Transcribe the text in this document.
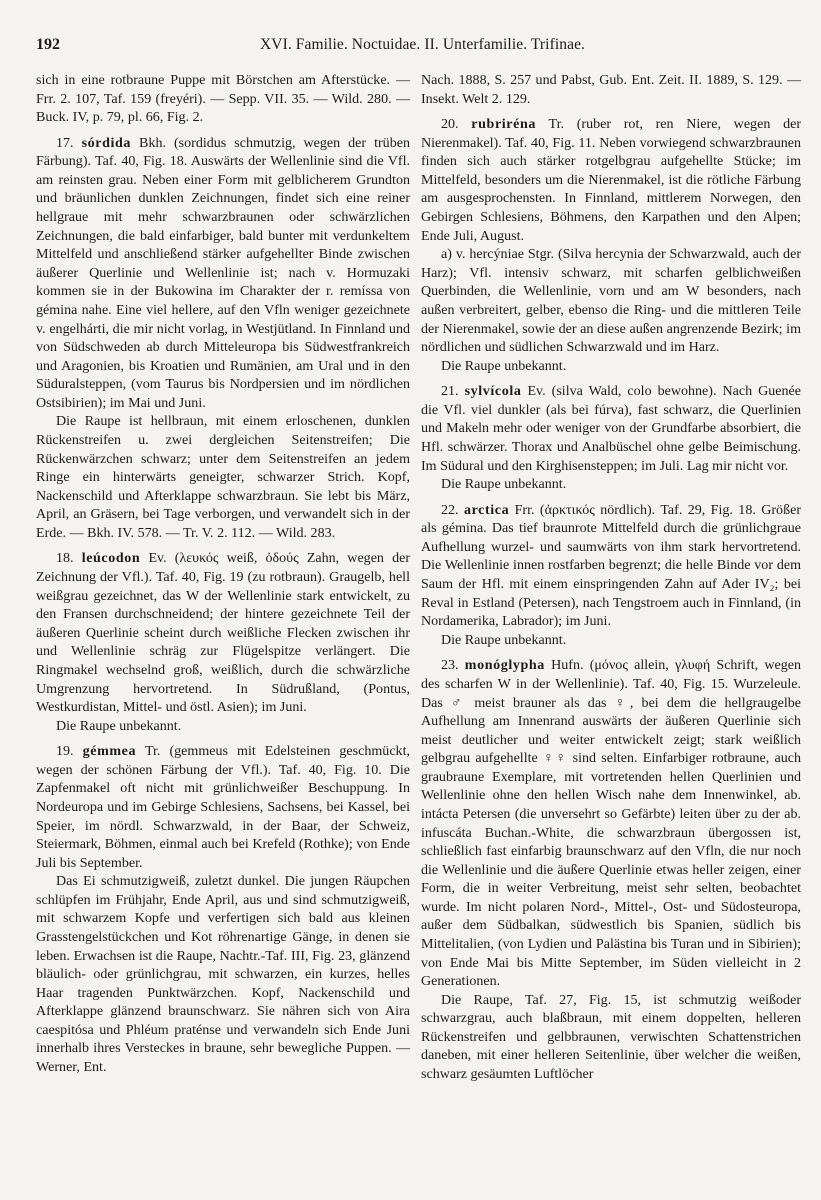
192	XVI. Familie. Noctuidae. II. Unterfamilie. Trifinae.

sich in eine rotbraune Puppe mit Börstchen am Afterstücke. — Frr. 2. 107, Taf. 159 (freyéri). — Sepp. VII. 35. — Wild. 280. — Buck. IV, p. 79, pl. 66, Fig. 2.

17. sórdida Bkh. (sordidus schmutzig, wegen der trüben Färbung). Taf. 40, Fig. 18. Auswärts der Wellenlinie sind die Vfl. am reinsten grau. Neben einer Form mit gelblicherem Grundton und bräunlichen dunklen Zeichnungen, findet sich eine reiner hellgraue mit mehr schwarzbraunen oder schwärzlichen Zeichnungen, die bald einfarbiger, bald bunter mit verdunkeltem Mittelfeld und anschließend stärker aufgehellter Binde zwischen äußerer Querlinie und Wellenlinie ist; nach v. Hormuzaki kommen sie in der Bukowina im Charakter der r. remíssa von gémina nahe. Eine viel hellere, auf den Vfln weniger gezeichnete v. engelhárti, die mir nicht vorlag, in Westjütland. In Finnland und von Südschweden ab durch Mitteleuropa bis Südwestfrankreich und Aragonien, bis Kroatien und Rumänien, am Ural und in den Süduralsteppen, (vom Taurus bis Nordpersien und im nördlichen Ostsibirien); im Mai und Juni.

Die Raupe ist hellbraun, mit einem erloschenen, dunklen Rückenstreifen u. zwei dergleichen Seitenstreifen; Die Rückenwärzchen schwarz; unter dem Seitenstreifen an jedem Ringe ein hinterwärts geneigter, schwarzer Strich. Kopf, Nackenschild und Afterklappe schwarzbraun. Sie lebt bis März, April, an Gräsern, bei Tage verborgen, und verwandelt sich in der Erde. — Bkh. IV. 578. — Tr. V. 2. 112. — Wild. 283.

18. leúcodon Ev. (λευκός weiß, ὀδούς Zahn, wegen der Zeichnung der Vfl.). Taf. 40, Fig. 19 (zu rotbraun). Graugelb, hell weißgrau gezeichnet, das W der Wellenlinie stark entwickelt, zu den Fransen durchschneidend; der hintere gezeichnete Teil der äußeren Querlinie scheint durch weißliche Flecken zwischen ihr und Wellenlinie schräg zur Flügelspitze verlängert. Die Ringmakel wechselnd groß, weißlich, durch die schwärzliche Umgrenzung hervortretend. In Südrußland, (Pontus, Westkurdistan, Mittel- und östl. Asien); im Juni.

Die Raupe unbekannt.

19. gémmea Tr. (gemmeus mit Edelsteinen geschmückt, wegen der schönen Färbung der Vfl.). Taf. 40, Fig. 10. Die Zapfenmakel oft nicht mit grünlichweißer Beschuppung. In Nordeuropa und im Gebirge Schlesiens, Sachsens, bei Kassel, bei Speier, im nördl. Schwarzwald, in der Baar, der Schweiz, Steiermark, Böhmen, einmal auch bei Krefeld (Rothke); von Ende Juli bis September.

Das Ei schmutzigweiß, zuletzt dunkel. Die jungen Räupchen schlüpfen im Frühjahr, Ende April, aus und sind schmutzigweiß, mit schwarzem Kopfe und verfertigen sich bald aus kleinen Grasstengelstückchen und Kot röhrenartige Gänge, in denen sie leben. Erwachsen ist die Raupe, Nachtr.-Taf. III, Fig. 23, glänzend bläulich- oder grünlichgrau, mit schwarzen, ein kurzes, helles Haar tragenden Punktwärzchen. Kopf, Nackenschild und Afterklappe glänzend braunschwarz. Sie nähren sich von Aira caespitósa und Phléum praténse und verwandeln sich Ende Juni innerhalb ihres Versteckes in braune, sehr bewegliche Puppen. — Werner, Ent.

Nach. 1888, S. 257 und Pabst, Gub. Ent. Zeit. II. 1889, S. 129. — Insekt. Welt 2. 129.

20. rubriréna Tr. (ruber rot, ren Niere, wegen der Nierenmakel). Taf. 40, Fig. 11. Neben vorwiegend schwarzbraunen finden sich auch stärker rotgelbgrau aufgehellte Stücke; im Mittelfeld, besonders um die Nierenmakel, ist die rötliche Färbung am ausgesprochensten. In Finnland, mittlerem Norwegen, den Gebirgen Schlesiens, Böhmens, den Karpathen und den Alpen; Ende Juli, August.

a) v. hercýniae Stgr. (Silva hercynia der Schwarzwald, auch der Harz); Vfl. intensiv schwarz, mit scharfen gelblichweißen Querbinden, die Wellenlinie, vorn und am W besonders, nach außen verbreitert, gelber, ebenso die Ring- und die mittleren Teile der Nierenmakel, sowie der an diese außen angrenzende Bezirk; im nördlichen und südlichen Schwarzwald und im Harz.

Die Raupe unbekannt.

21. sylvícola Ev. (silva Wald, colo bewohne). Nach Guenée die Vfl. viel dunkler (als bei fúrva), fast schwarz, die Querlinien und Makeln mehr oder weniger von der Grundfarbe absorbiert, die Hfl. schwärzer. Thorax und Analbüschel ohne gelbe Beimischung. Im Südural und den Kirghisensteppen; im Juli. Lag mir nicht vor.

Die Raupe unbekannt.

22. arctica Frr. (ἀρκτικός nördlich). Taf. 29, Fig. 18. Größer als gémina. Das tief braunrote Mittelfeld durch die grünlichgraue Aufhellung wurzel- und saumwärts von ihm stark hervortretend. Die Wellenlinie innen rostfarben begrenzt; die helle Binde vor dem Saum der Hfl. mit einem einspringenden Zahn auf Ader IV₂; bei Reval in Estland (Petersen), nach Tengstroem auch in Finnland, (in Nordamerika, Labrador); im Juni.

Die Raupe unbekannt.

23. monóglypha Hufn. (μόνος allein, γλυφή Schrift, wegen des scharfen W in der Wellenlinie). Taf. 40, Fig. 15. Wurzeleule. Das ♂ meist brauner als das ♀, bei dem die hellgraugelbe Aufhellung am Innenrand auswärts der äußeren Querlinie sich meist deutlicher und weiter entwickelt zeigt; stark weißlich gelbgrau aufgehellte ♀♀ sind selten. Einfarbiger rotbraune, auch graubraune Exemplare, mit vortretenden hellen Querlinien und Wellenlinie ohne den hellen Wisch nahe dem Innenwinkel, ab. intácta Petersen (die unversehrt so Gefärbte) leiten über zu der ab. infuscáta Buchan.-White, die schwarzbraun übergossen ist, schließlich fast einfarbig braunschwarz auf den Vfln, die nur noch die Wellenlinie und die äußere Querlinie etwas heller zeigen, einer Form, die in weiter Verbreitung, meist sehr selten, beobachtet wurde. Im nicht polaren Nord-, Mittel-, Ost- und Südosteuropa, außer dem Südbalkan, südwestlich bis Spanien, südlich bis Mittelitalien, (von Lydien und Palästina bis Turan und in Sibirien); von Ende Mai bis Mitte September, im Süden vielleicht in 2 Generationen.

Die Raupe, Taf. 27, Fig. 15, ist schmutzig weißoder schwarzgrau, auch blaßbraun, mit einem doppelten, helleren Rückenstreifen und gelbbraunen, verwischten Schattenstrichen daneben, mit einer helleren Seitenlinie, über welcher die weißen, schwarz gesäumten Luftlöcher
